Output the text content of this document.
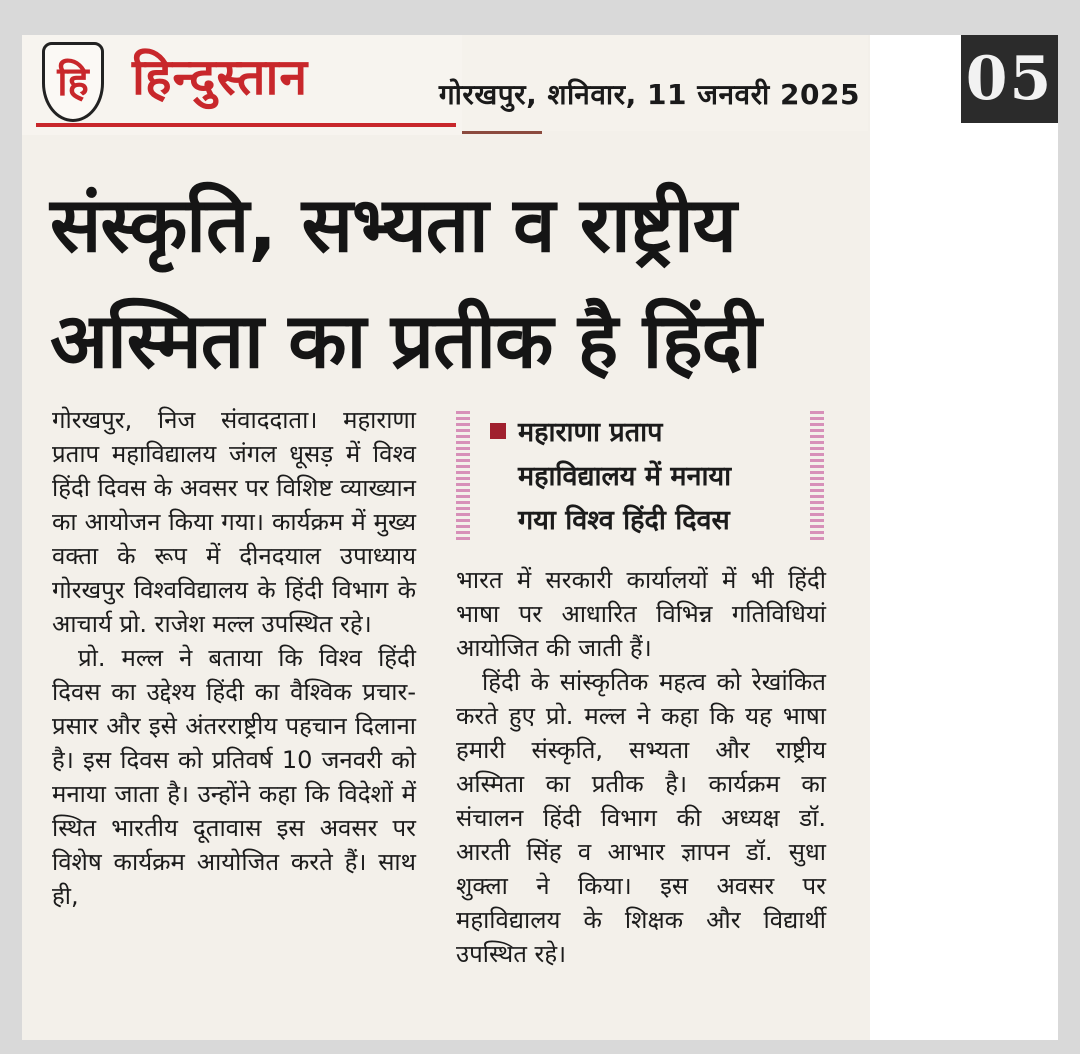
हि हिन्दुस्तान	गोरखपुर, शनिवार, 11 जनवरी 2025
संस्कृति, सभ्यता व राष्ट्रीय
अस्मिता का प्रतीक है हिंदी

गोरखपुर, निज संवाददाता। महाराणा प्रताप महाविद्यालय जंगल धूसड़ में विश्व हिंदी दिवस के अवसर पर विशिष्ट व्याख्यान का आयोजन किया गया। कार्यक्रम में मुख्य वक्ता के रूप में दीनदयाल उपाध्याय गोरखपुर विश्वविद्यालय के हिंदी विभाग के आचार्य प्रो. राजेश मल्ल उपस्थित रहे।

प्रो. मल्ल ने बताया कि विश्व हिंदी दिवस का उद्देश्य हिंदी का वैश्विक प्रचार-प्रसार और इसे अंतरराष्ट्रीय पहचान दिलाना है। इस दिवस को प्रतिवर्ष 10 जनवरी को मनाया जाता है। उन्होंने कहा कि विदेशों में स्थित भारतीय दूतावास इस अवसर पर विशेष कार्यक्रम आयोजित करते हैं। साथ ही,

महाराणा प्रताप
महाविद्यालय में मनाया
गया विश्व हिंदी दिवस

भारत में सरकारी कार्यालयों में भी हिंदी भाषा पर आधारित विभिन्न गतिविधियां आयोजित की जाती हैं।

हिंदी के सांस्कृतिक महत्व को रेखांकित करते हुए प्रो. मल्ल ने कहा कि यह भाषा हमारी संस्कृति, सभ्यता और राष्ट्रीय अस्मिता का प्रतीक है। कार्यक्रम का संचालन हिंदी विभाग की अध्यक्ष डॉ. आरती सिंह व आभार ज्ञापन डॉ. सुधा शुक्ला ने किया। इस अवसर पर महाविद्यालय के शिक्षक और विद्यार्थी उपस्थित रहे।

05
